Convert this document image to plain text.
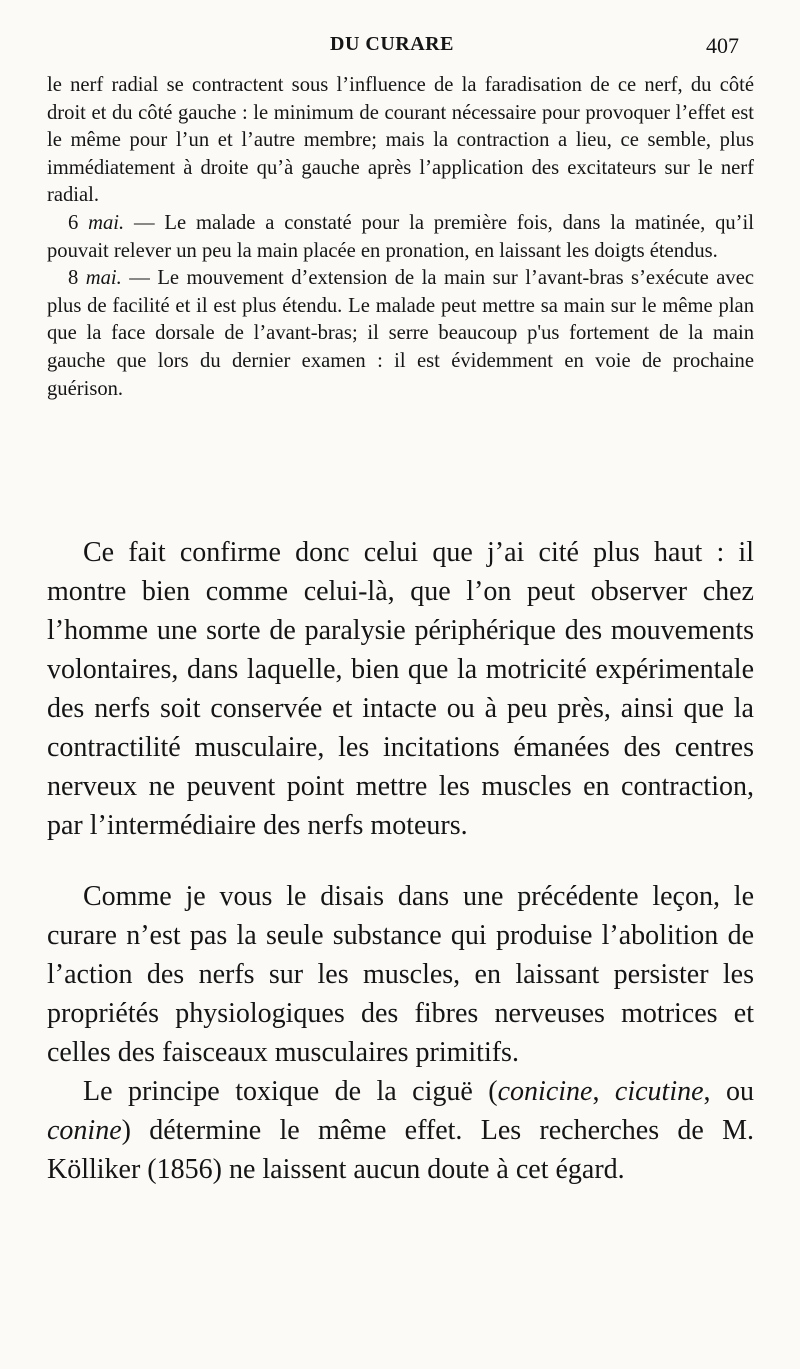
DU CURARE	407

le nerf radial se contractent sous l’influence de la faradisation de ce nerf, du côté droit et du côté gauche : le minimum de courant nécessaire pour provoquer l’effet est le même pour l’un et l’autre membre; mais la contraction a lieu, ce semble, plus immédiatement à droite qu’à gauche après l’application des excitateurs sur le nerf radial.

6 mai. — Le malade a constaté pour la première fois, dans la matinée, qu’il pouvait relever un peu la main placée en pronation, en laissant les doigts étendus.

8 mai. — Le mouvement d’extension de la main sur l’avant-bras s’exécute avec plus de facilité et il est plus étendu. Le malade peut mettre sa main sur le même plan que la face dorsale de l’avant-bras; il serre beaucoup p'us fortement de la main gauche que lors du dernier examen : il est évidemment en voie de prochaine guérison.

Ce fait confirme donc celui que j’ai cité plus haut : il montre bien comme celui-là, que l’on peut observer chez l’homme une sorte de paralysie périphérique des mouvements volontaires, dans laquelle, bien que la motricité expérimentale des nerfs soit conservée et intacte ou à peu près, ainsi que la contractilité musculaire, les incitations émanées des centres nerveux ne peuvent point mettre les muscles en contraction, par l’intermédiaire des nerfs moteurs.

Comme je vous le disais dans une précédente leçon, le curare n’est pas la seule substance qui produise l’abolition de l’action des nerfs sur les muscles, en laissant persister les propriétés physiologiques des fibres nerveuses motrices et celles des faisceaux musculaires primitifs.

Le principe toxique de la ciguë (conicine, cicutine, ou conine) détermine le même effet. Les recherches de M. Kölliker (1856) ne laissent aucun doute à cet égard.
